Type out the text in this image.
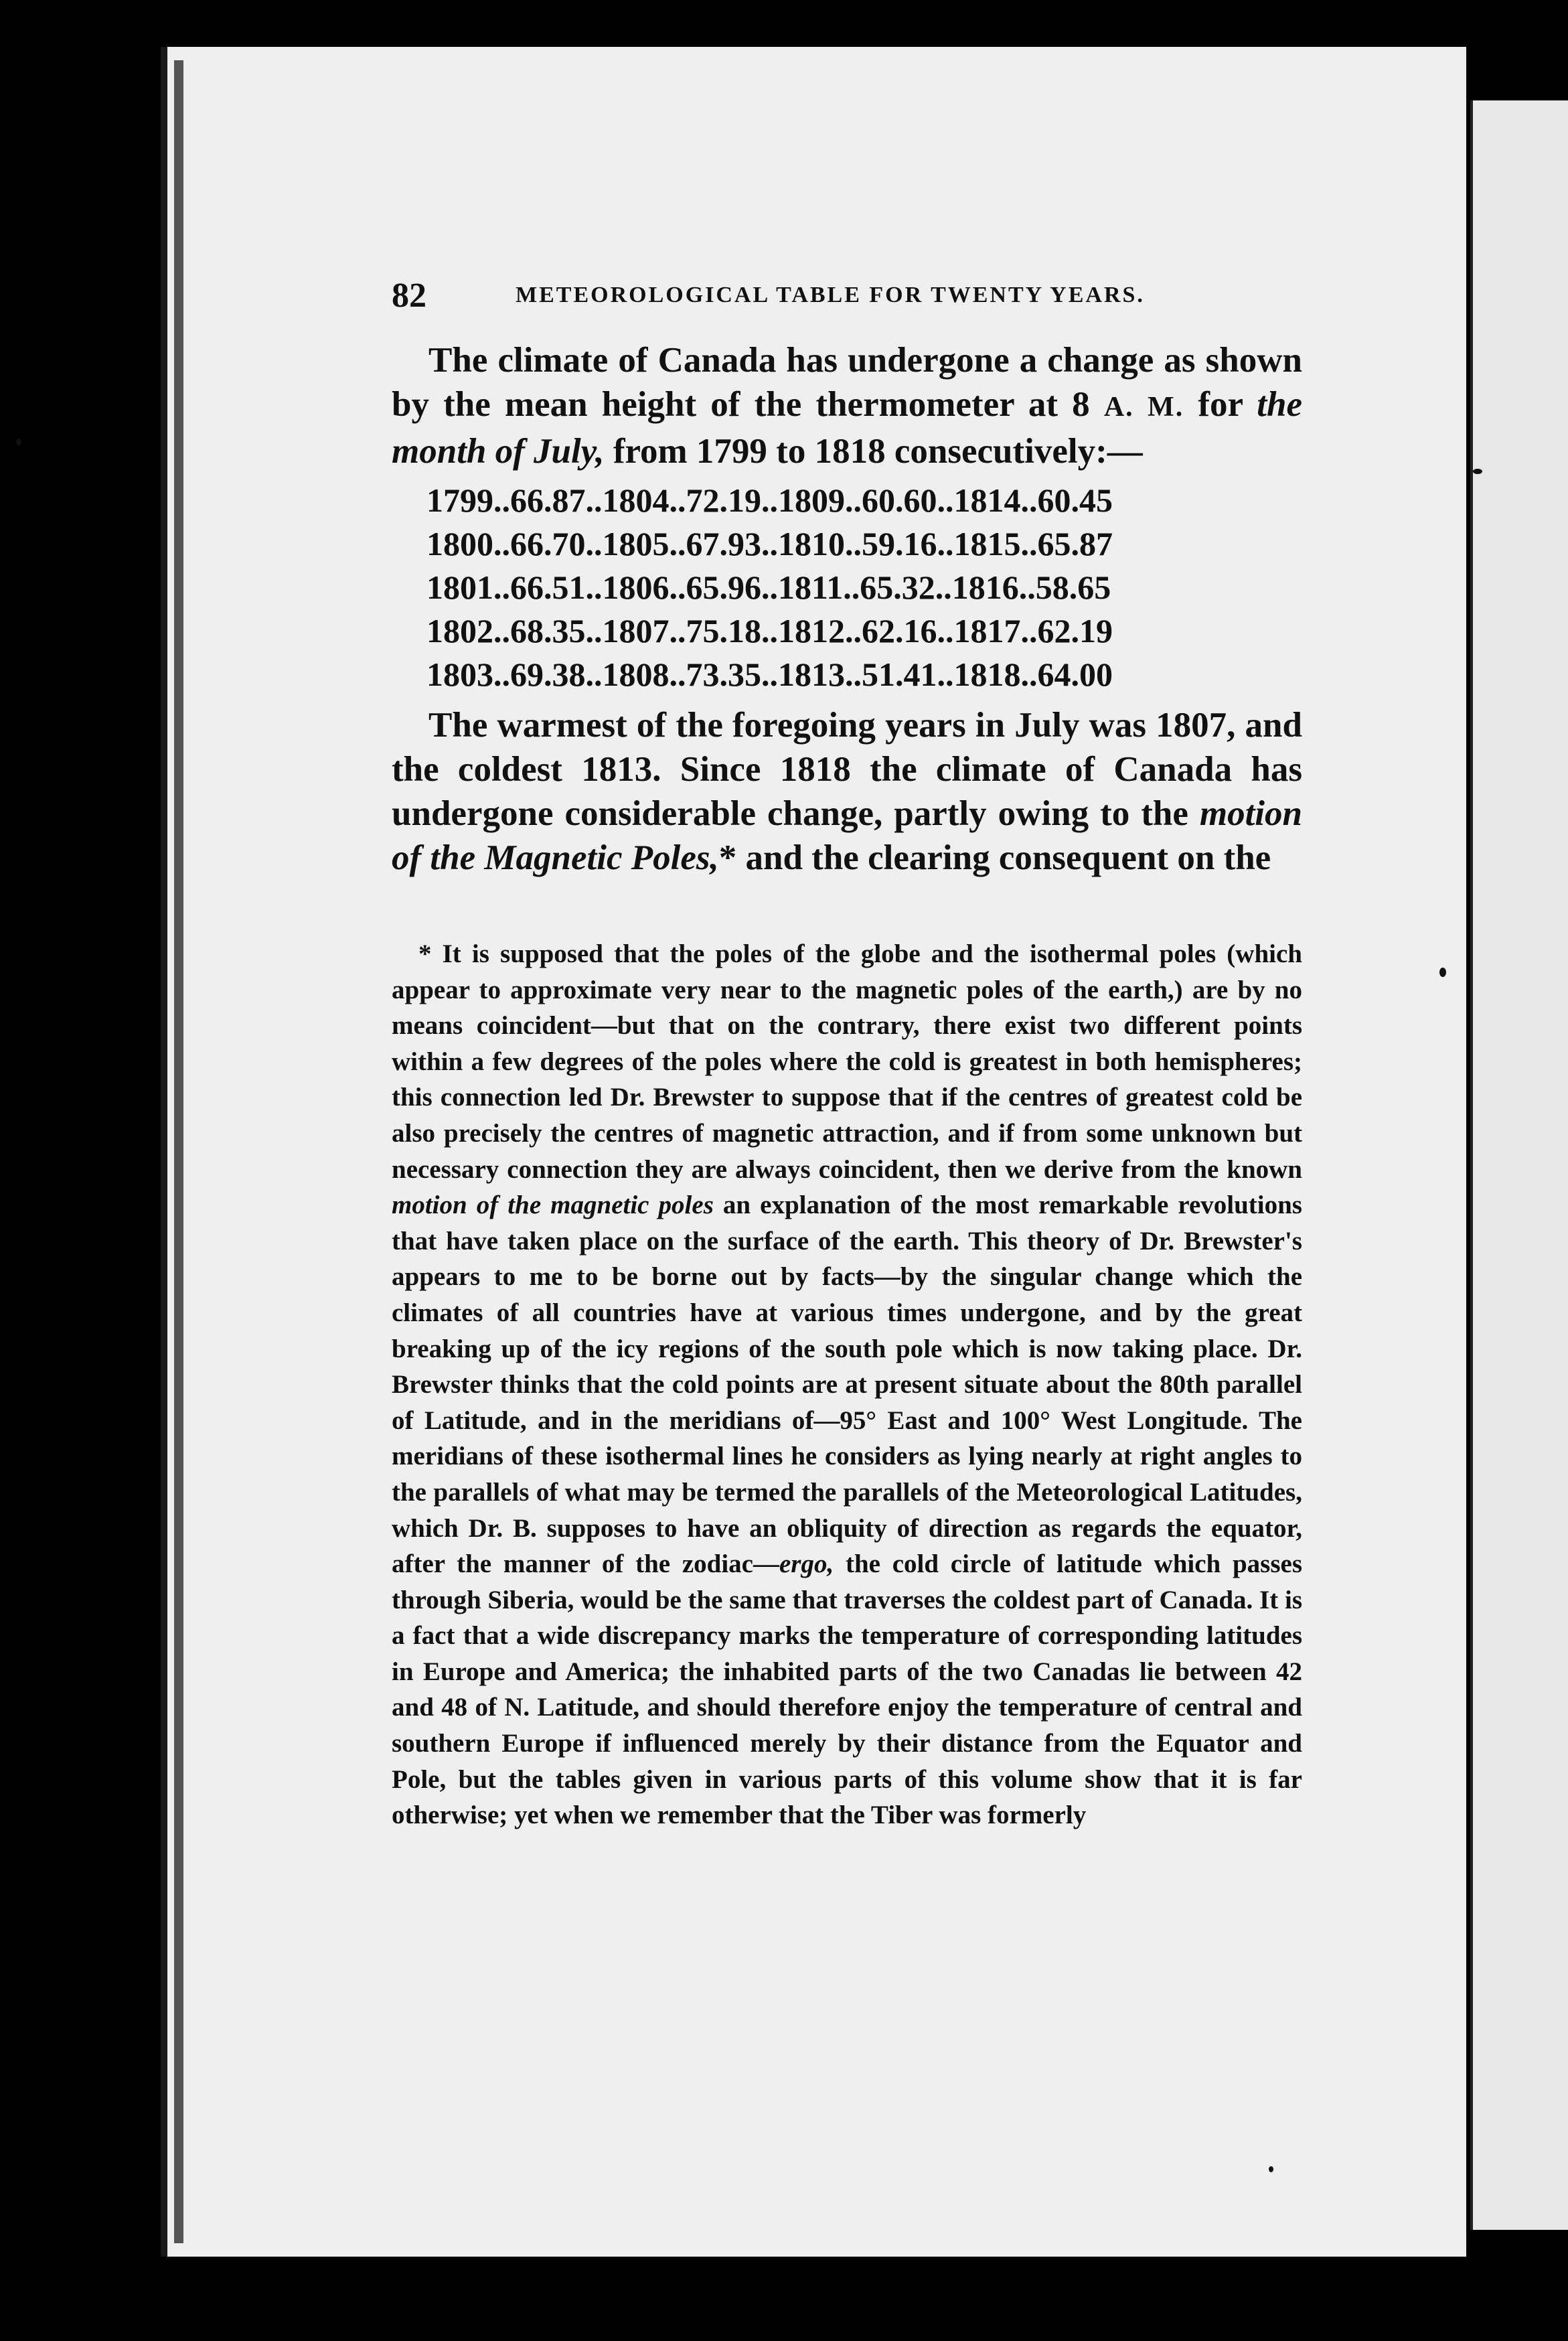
82	METEOROLOGICAL TABLE FOR TWENTY YEARS.

The climate of Canada has undergone a change as shown by the mean height of the thermometer at 8 A. M. for the month of July, from 1799 to 1818 consecutively:—

1799..66.87..1804..72.19..1809..60.60..1814..60.45
1800..66.70..1805..67.93..1810..59.16..1815..65.87
1801..66.51..1806..65.96..1811..65.32..1816..58.65
1802..68.35..1807..75.18..1812..62.16..1817..62.19
1803..69.38..1808..73.35..1813..51.41..1818..64.00

The warmest of the foregoing years in July was 1807, and the coldest 1813. Since 1818 the climate of Canada has undergone considerable change, partly owing to the motion of the Magnetic Poles,* and the clearing consequent on the

* It is supposed that the poles of the globe and the isothermal poles (which appear to approximate very near to the magnetic poles of the earth,) are by no means coincident—but that on the contrary, there exist two different points within a few degrees of the poles where the cold is greatest in both hemispheres; this connection led Dr. Brewster to suppose that if the centres of greatest cold be also precisely the centres of magnetic attraction, and if from some unknown but necessary connection they are always coincident, then we derive from the known motion of the magnetic poles an explanation of the most remarkable revolutions that have taken place on the surface of the earth. This theory of Dr. Brewster's appears to me to be borne out by facts—by the singular change which the climates of all countries have at various times undergone, and by the great breaking up of the icy regions of the south pole which is now taking place. Dr. Brewster thinks that the cold points are at present situate about the 80th parallel of Latitude, and in the meridians of—95° East and 100° West Longitude. The meridians of these isothermal lines he considers as lying nearly at right angles to the parallels of what may be termed the parallels of the Meteorological Latitudes, which Dr. B. supposes to have an obliquity of direction as regards the equator, after the manner of the zodiac—ergo, the cold circle of latitude which passes through Siberia, would be the same that traverses the coldest part of Canada. It is a fact that a wide discrepancy marks the temperature of corresponding latitudes in Europe and America; the inhabited parts of the two Canadas lie between 42 and 48 of N. Latitude, and should therefore enjoy the temperature of central and southern Europe if influenced merely by their distance from the Equator and Pole, but the tables given in various parts of this volume show that it is far otherwise; yet when we remember that the Tiber was formerly
